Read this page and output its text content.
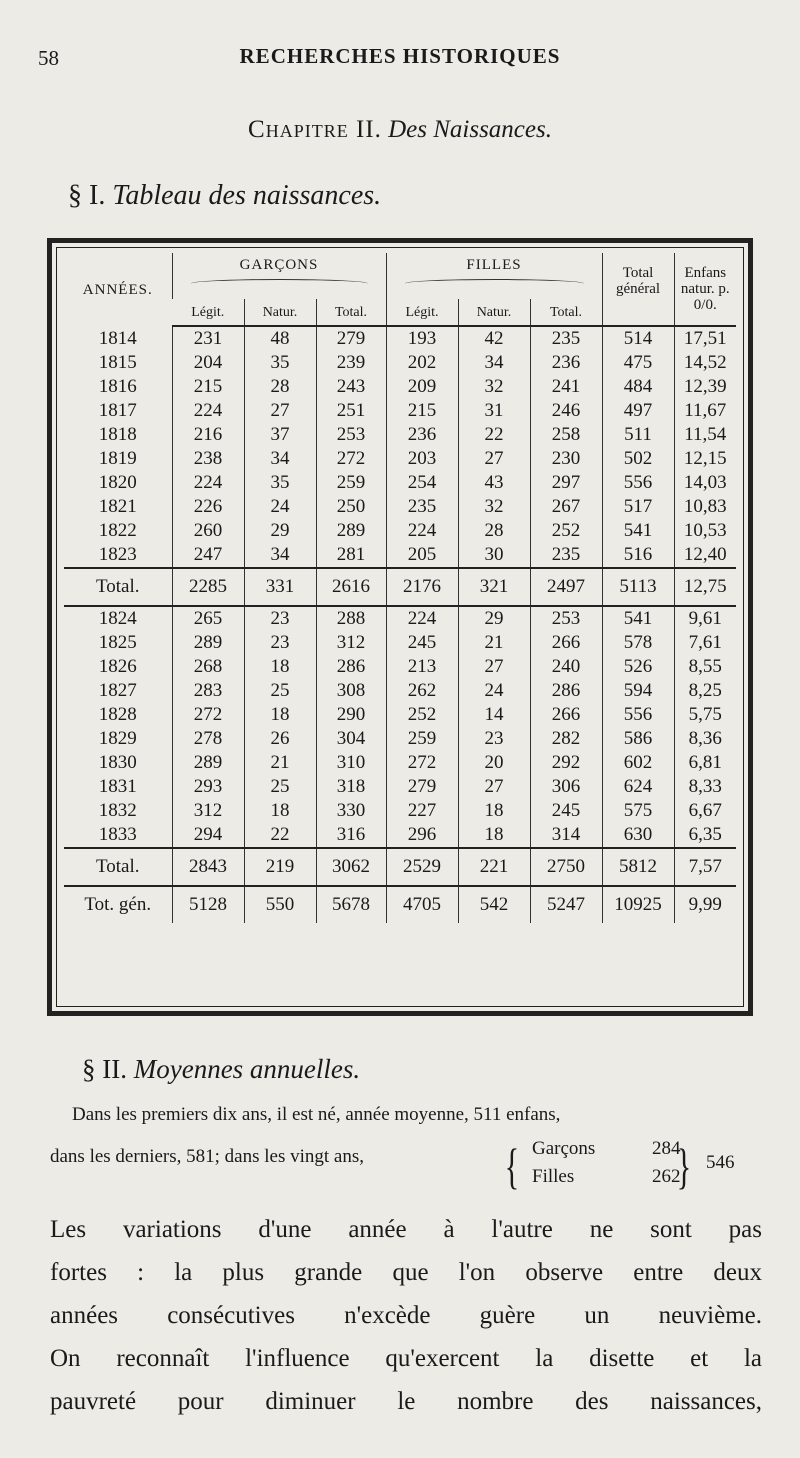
58	RECHERCHES HISTORIQUES
Chapitre II. Des Naissances.
§ I. Tableau des naissances.
ANNÉES.	GARÇONS			FILLES			Total général	Enfans natur. p. 0/0.
	Légit.	Natur.	Total.	Légit.	Natur.	Total.		
1814	231	48	279	193	42	235	514	17,51
1815	204	35	239	202	34	236	475	14,52
1816	215	28	243	209	32	241	484	12,39
1817	224	27	251	215	31	246	497	11,67
1818	216	37	253	236	22	258	511	11,54
1819	238	34	272	203	27	230	502	12,15
1820	224	35	259	254	43	297	556	14,03
1821	226	24	250	235	32	267	517	10,83
1822	260	29	289	224	28	252	541	10,53
1823	247	34	281	205	30	235	516	12,40
Total.	2285	331	2616	2176	321	2497	5113	12,75
1824	265	23	288	224	29	253	541	9,61
1825	289	23	312	245	21	266	578	7,61
1826	268	18	286	213	27	240	526	8,55
1827	283	25	308	262	24	286	594	8,25
1828	272	18	290	252	14	266	556	5,75
1829	278	26	304	259	23	282	586	8,36
1830	289	21	310	272	20	292	602	6,81
1831	293	25	318	279	27	306	624	8,33
1832	312	18	330	227	18	245	575	6,67
1833	294	22	316	296	18	314	630	6,35
Total.	2843	219	3062	2529	221	2750	5812	7,57
Tot. gén.	5128	550	5678	4705	542	5247	10925	9,99
§ II. Moyennes annuelles.
Dans les premiers dix ans, il est né, année moyenne, 511 enfans,
dans les derniers, 581; dans les vingt ans,	{ Garçons	284
Filles	262
} 546
Les variations d'une année à l'autre ne sont pas
fortes : la plus grande que l'on observe entre deux
années consécutives n'excède guère un neuvième.
On reconnaît l'influence qu'exercent la disette et la
pauvreté pour diminuer le nombre des naissances,
